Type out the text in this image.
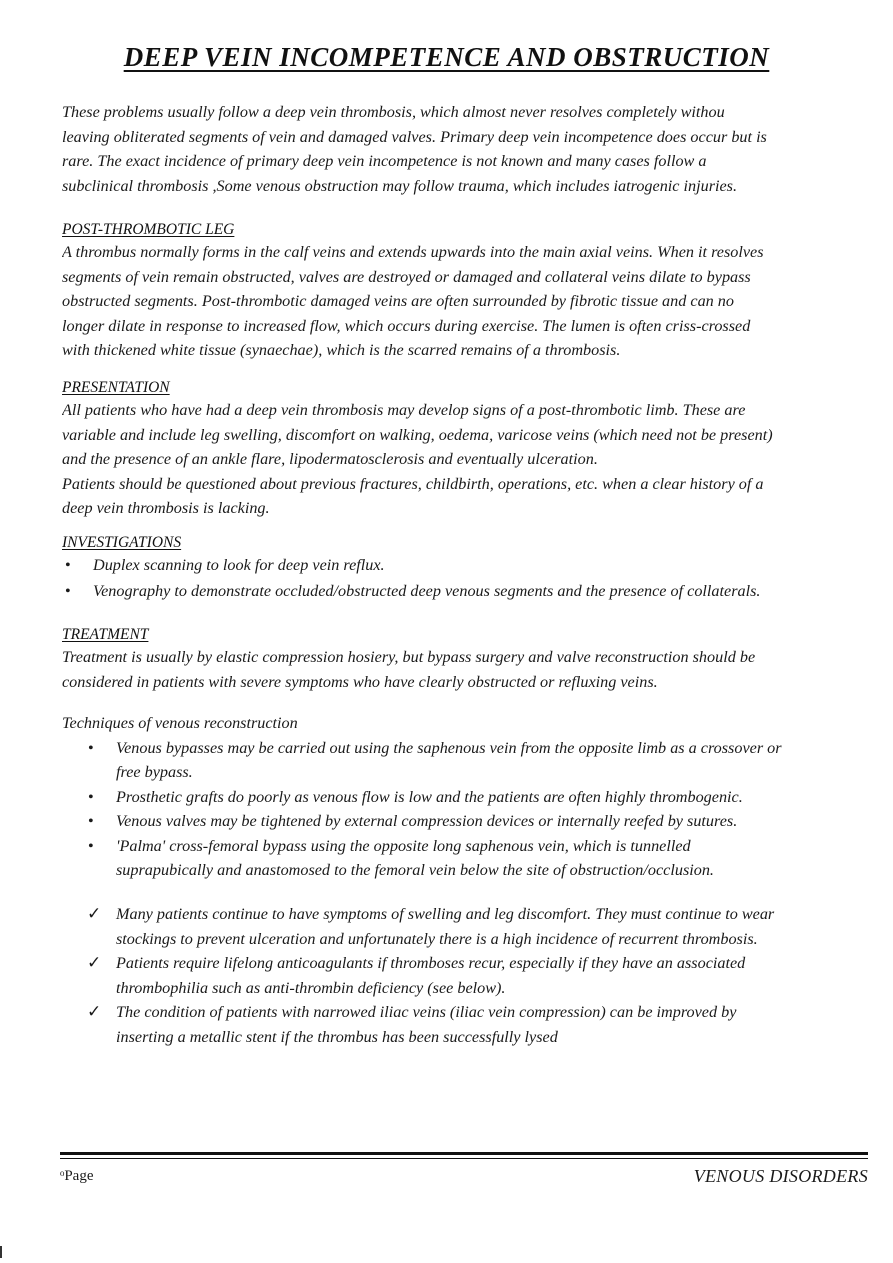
DEEP VEIN INCOMPETENCE AND OBSTRUCTION

These problems usually follow a deep vein thrombosis, which almost never resolves completely withou

leaving obliterated segments of vein and damaged valves. Primary deep vein incompetence does occur but is

rare. The exact incidence of primary deep vein incompetence is not known and many cases follow a

subclinical thrombosis ,Some venous obstruction may follow trauma, which includes iatrogenic injuries.

POST-THROMBOTIC LEG

A thrombus normally forms in the calf veins and extends upwards into the main axial veins. When it resolves

segments of vein remain obstructed, valves are destroyed or damaged and collateral veins dilate to bypass

obstructed segments. Post-thrombotic damaged veins are often surrounded by fibrotic tissue and can no

longer dilate in response to increased flow, which occurs during exercise. The lumen is often criss-crossed

with thickened white tissue (synaechae), which is the scarred remains of a thrombosis.

PRESENTATION

All patients who have had a deep vein thrombosis may develop signs of a post-thrombotic limb. These are

variable and include leg swelling, discomfort on walking, oedema, varicose veins (which need not be present)

and the presence of an ankle flare, lipodermatosclerosis and eventually ulceration.

Patients should be questioned about previous fractures, childbirth, operations, etc. when a clear history of a

deep vein thrombosis is lacking.

INVESTIGATIONS

• Duplex scanning to look for deep vein reflux.
• Venography to demonstrate occluded/obstructed deep venous segments and the presence of collaterals.

TREATMENT

Treatment is usually by elastic compression hosiery, but bypass surgery and valve reconstruction should be

considered in patients with severe symptoms who have clearly obstructed or refluxing veins.

Techniques of venous reconstruction

• Venous bypasses may be carried out using the saphenous vein from the opposite limb as a crossover or
free bypass.
• Prosthetic grafts do poorly as venous flow is low and the patients are often highly thrombogenic.
• Venous valves may be tightened by external compression devices or internally reefed by sutures.
• 'Palma' cross-femoral bypass using the opposite long saphenous vein, which is tunnelled
suprapubically and anastomosed to the femoral vein below the site of obstruction/occlusion.
✓ Many patients continue to have symptoms of swelling and leg discomfort. They must continue to wear
stockings to prevent ulceration and unfortunately there is a high incidence of recurrent thrombosis.
✓ Patients require lifelong anticoagulants if thromboses recur, especially if they have an associated
thrombophilia such as anti-thrombin deficiency (see below).
✓ The condition of patients with narrowed iliac veins (iliac vein compression) can be improved by
inserting a metallic stent if the thrombus has been successfully lysed
ᵒPage	VENOUS DISORDERS
